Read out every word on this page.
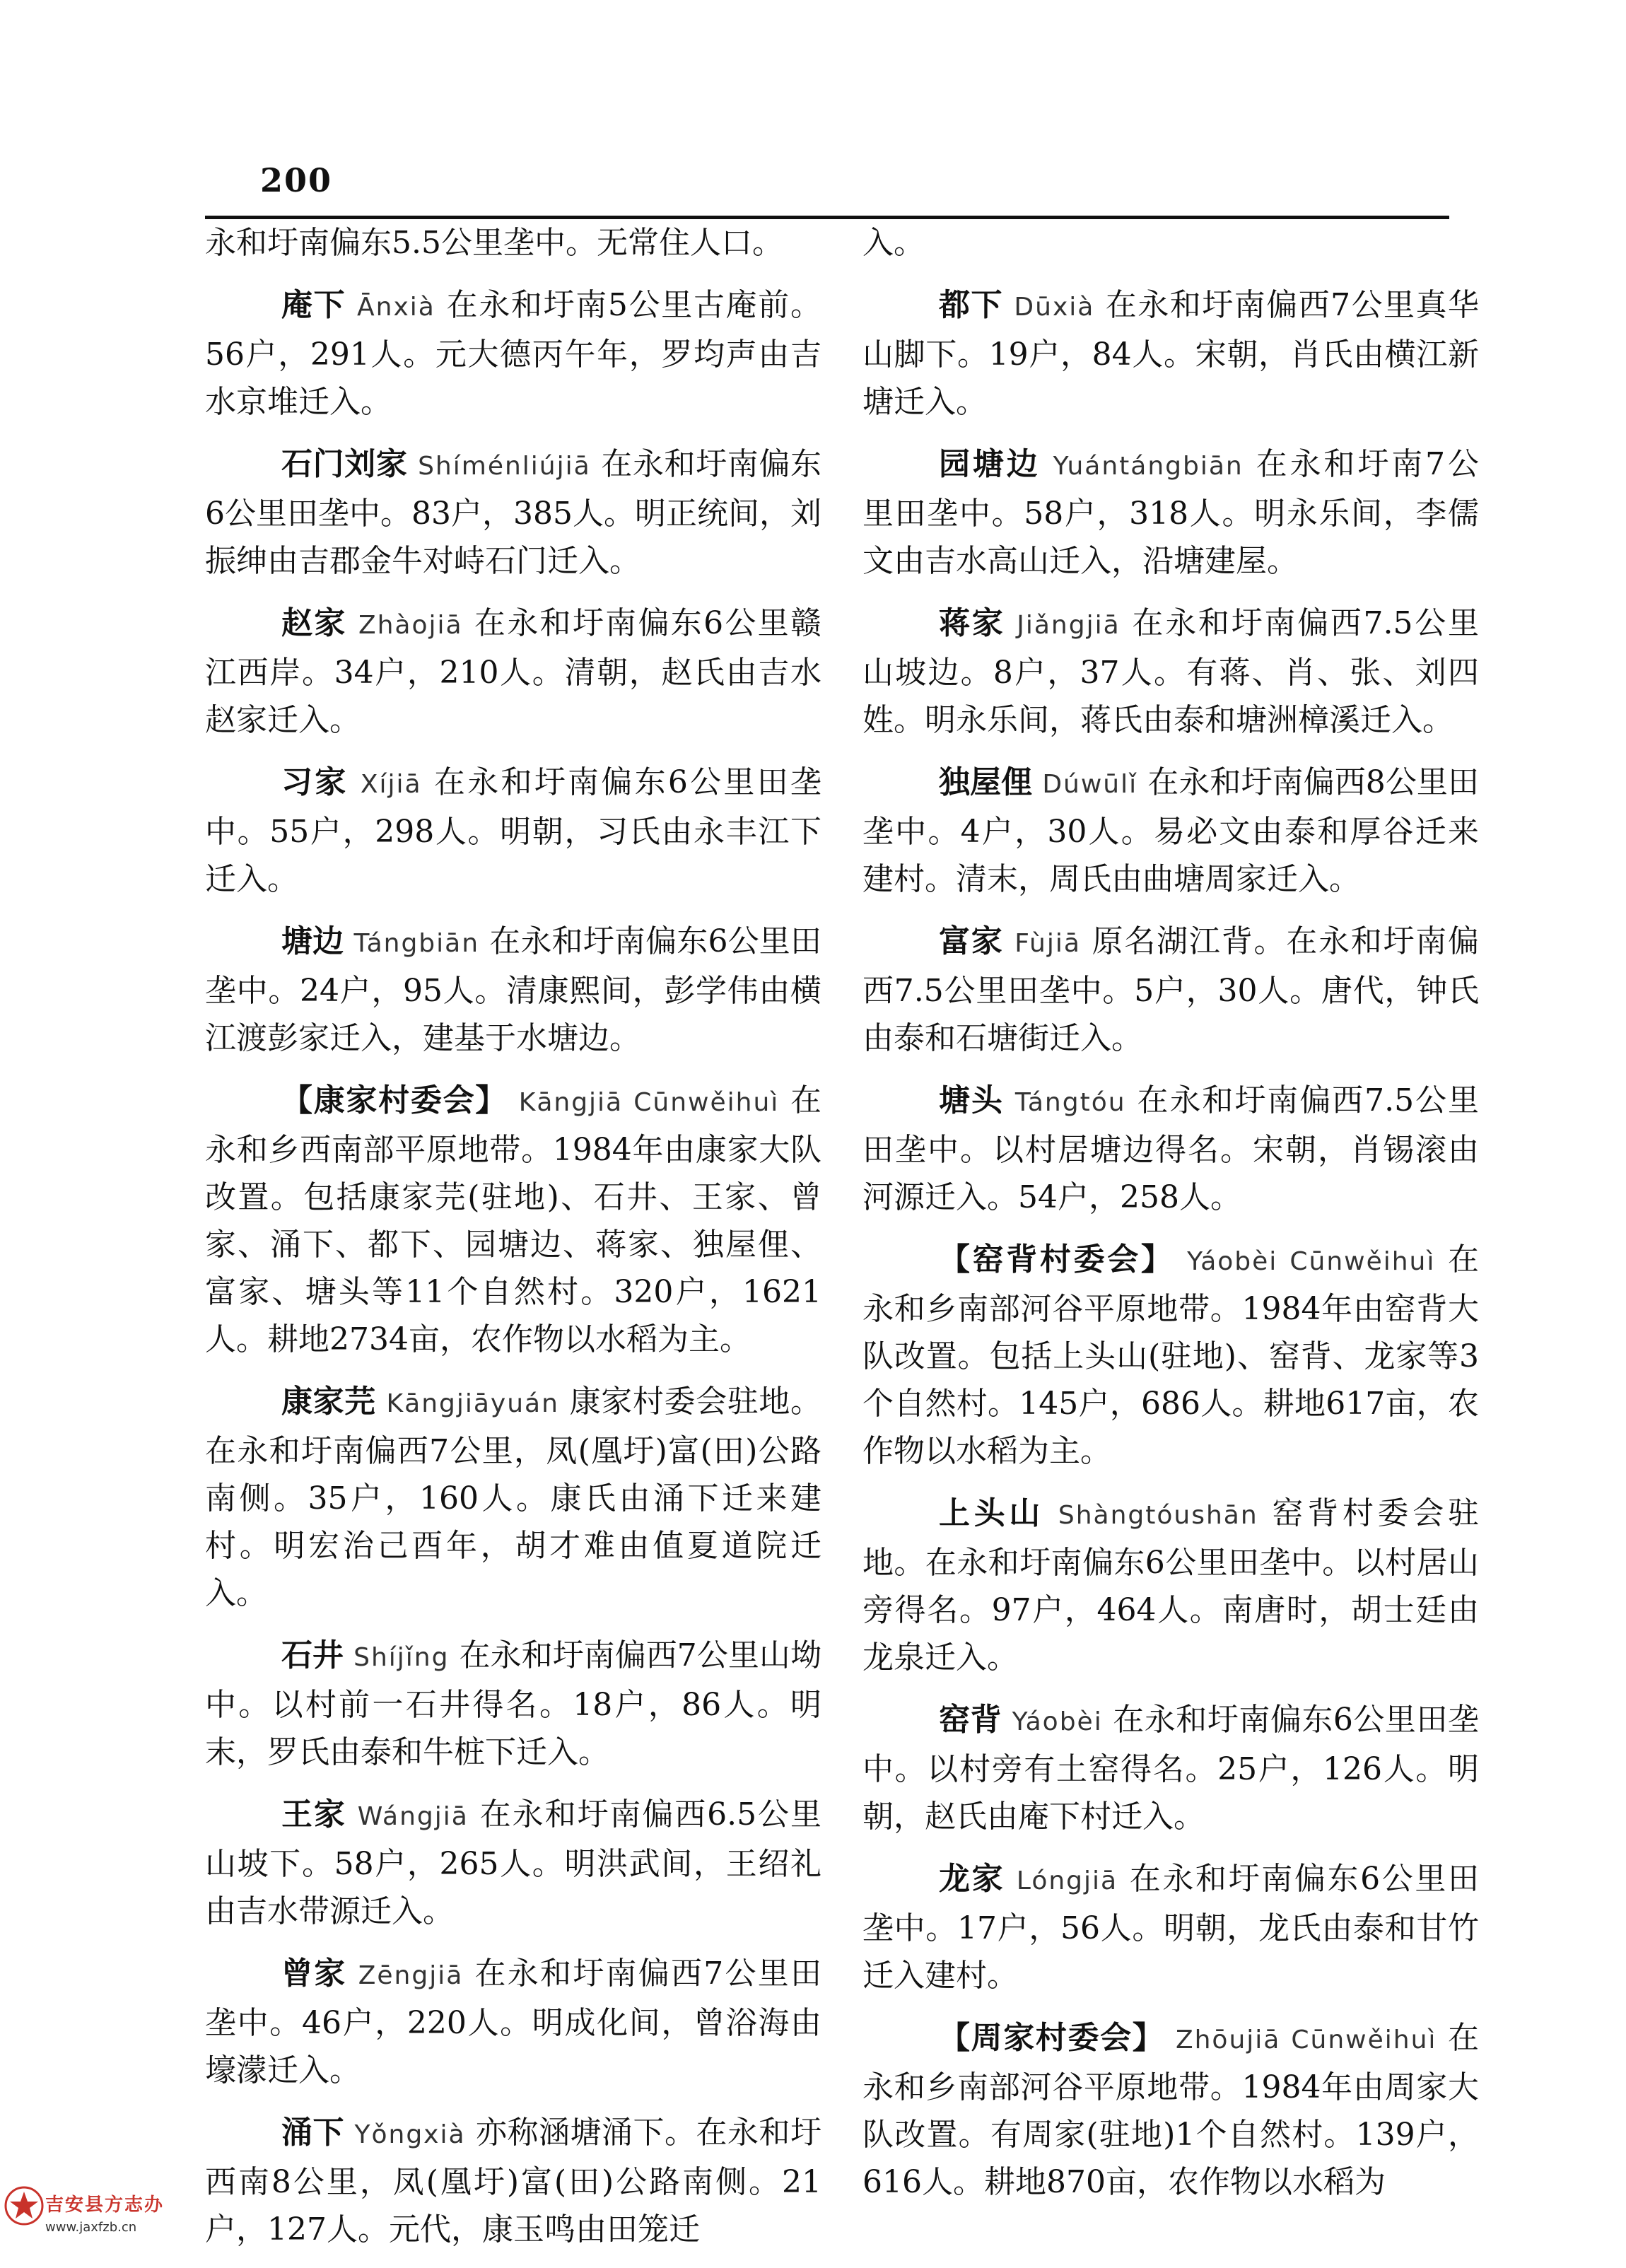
200

永和圩南偏东5.5公里垄中。无常住人口。

庵下 Ānxià 在永和圩南5公里古庵前。56户，291人。元大德丙午年，罗均声由吉水京堆迁入。

石门刘家 Shíménliújiā 在永和圩南偏东6公里田垄中。83户，385人。明正统间，刘振绅由吉郡金牛对峙石门迁入。

赵家 Zhàojiā 在永和圩南偏东6公里赣江西岸。34户，210人。清朝，赵氏由吉水赵家迁入。

习家 Xíjiā 在永和圩南偏东6公里田垄中。55户，298人。明朝，习氏由永丰江下迁入。

塘边 Tángbiān 在永和圩南偏东6公里田垄中。24户，95人。清康熙间，彭学伟由横江渡彭家迁入，建基于水塘边。

【康家村委会】 Kāngjiā Cūnwěihuì 在永和乡西南部平原地带。1984年由康家大队改置。包括康家芫(驻地)、石井、王家、曾家、涌下、都下、园塘边、蒋家、独屋俚、富家、塘头等11个自然村。320户，1621人。耕地2734亩，农作物以水稻为主。

康家芫 Kāngjiāyuán 康家村委会驻地。在永和圩南偏西7公里，凤(凰圩)富(田)公路南侧。35户，160人。康氏由涌下迁来建村。明宏治己酉年，胡才难由值夏道院迁入。

石井 Shíjǐng 在永和圩南偏西7公里山坳中。以村前一石井得名。18户，86人。明末，罗氏由泰和牛桩下迁入。

王家 Wángjiā 在永和圩南偏西6.5公里山坡下。58户，265人。明洪武间，王绍礼由吉水带源迁入。

曾家 Zēngjiā 在永和圩南偏西7公里田垄中。46户，220人。明成化间，曾浴海由壕濛迁入。

涌下 Yǒngxià 亦称涵塘涌下。在永和圩西南8公里，凤(凰圩)富(田)公路南侧。21户，127人。元代，康玉鸣由田笼迁

入。

都下 Dūxià 在永和圩南偏西7公里真华山脚下。19户，84人。宋朝，肖氏由横江新塘迁入。

园塘边 Yuántángbiān 在永和圩南7公里田垄中。58户，318人。明永乐间，李儒文由吉水高山迁入，沿塘建屋。

蒋家 Jiǎngjiā 在永和圩南偏西7.5公里山坡边。8户，37人。有蒋、肖、张、刘四姓。明永乐间，蒋氏由泰和塘洲樟溪迁入。

独屋俚 Dúwūlǐ 在永和圩南偏西8公里田垄中。4户，30人。易必文由泰和厚谷迁来建村。清末，周氏由曲塘周家迁入。

富家 Fùjiā 原名湖江背。在永和圩南偏西7.5公里田垄中。5户，30人。唐代，钟氏由泰和石塘街迁入。

塘头 Tángtóu 在永和圩南偏西7.5公里田垄中。以村居塘边得名。宋朝，肖锡滚由河源迁入。54户，258人。

【窑背村委会】 Yáobèi Cūnwěihuì 在永和乡南部河谷平原地带。1984年由窑背大队改置。包括上头山(驻地)、窑背、龙家等3个自然村。145户，686人。耕地617亩，农作物以水稻为主。

上头山 Shàngtóushān 窑背村委会驻地。在永和圩南偏东6公里田垄中。以村居山旁得名。97户，464人。南唐时，胡士廷由龙泉迁入。

窑背 Yáobèi 在永和圩南偏东6公里田垄中。以村旁有土窑得名。25户，126人。明朝，赵氏由庵下村迁入。

龙家 Lóngjiā 在永和圩南偏东6公里田垄中。17户，56人。明朝，龙氏由泰和甘竹迁入建村。

【周家村委会】 Zhōujiā Cūnwěihuì 在永和乡南部河谷平原地带。1984年由周家大队改置。有周家(驻地)1个自然村。139户，616人。耕地870亩，农作物以水稻为

吉安县方志办
www.jaxfzb.cn
